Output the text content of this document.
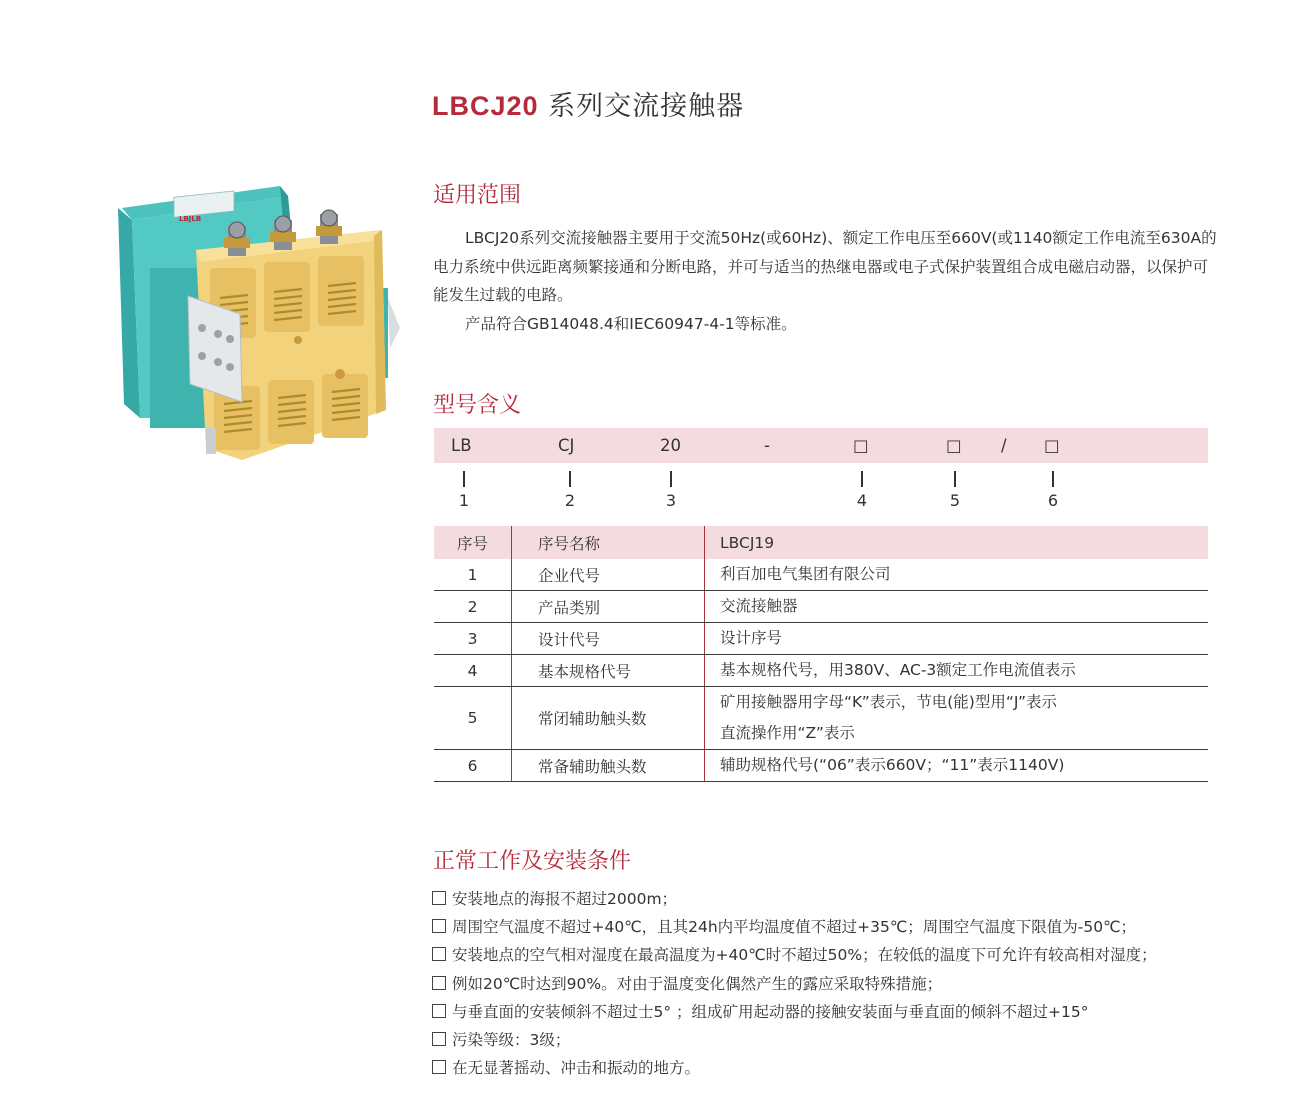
LBCJ20 系列交流接触器
LBJLB
适用范围

LBCJ20系列交流接触器主要用于交流50Hz(或60Hz)、额定工作电压至660V(或1140额定工作电流至630A的电力系统中供远距离频繁接通和分断电路，并可与适当的热继电器或电子式保护装置组合成电磁启动器，以保护可能发生过载的电路。

产品符合GB14048.4和IEC60947-4-1等标准。

型号含义
LB	CJ	20	-	□	□ / □
1	2	3	4	5	6
序号	序号名称	LBCJ19
1	企业代号	利百加电气集团有限公司

2	产品类别	交流接触器

3	设计代号	设计序号

4	基本规格代号	基本规格代号，用380V、AC-3额定工作电流值表示

5	常闭辅助触头数	矿用接触器用字母“K”表示，节电(能)型用“J”表示
直流操作用“Z”表示

6	常备辅助触头数	辅助规格代号(“06”表示660V；“11”表示1140V)
正常工作及安装条件
安装地点的海报不超过2000m；
周围空气温度不超过+40℃，且其24h内平均温度值不超过+35℃；周围空气温度下限值为-50℃；
安装地点的空气相对湿度在最高温度为+40℃时不超过50%；在较低的温度下可允许有较高相对湿度；
例如20℃时达到90%。对由于温度变化偶然产生的露应采取特殊措施；
与垂直面的安装倾斜不超过士5° ；组成矿用起动器的接触安装面与垂直面的倾斜不超过+15°
污染等级：3级；
在无显著摇动、冲击和振动的地方。
